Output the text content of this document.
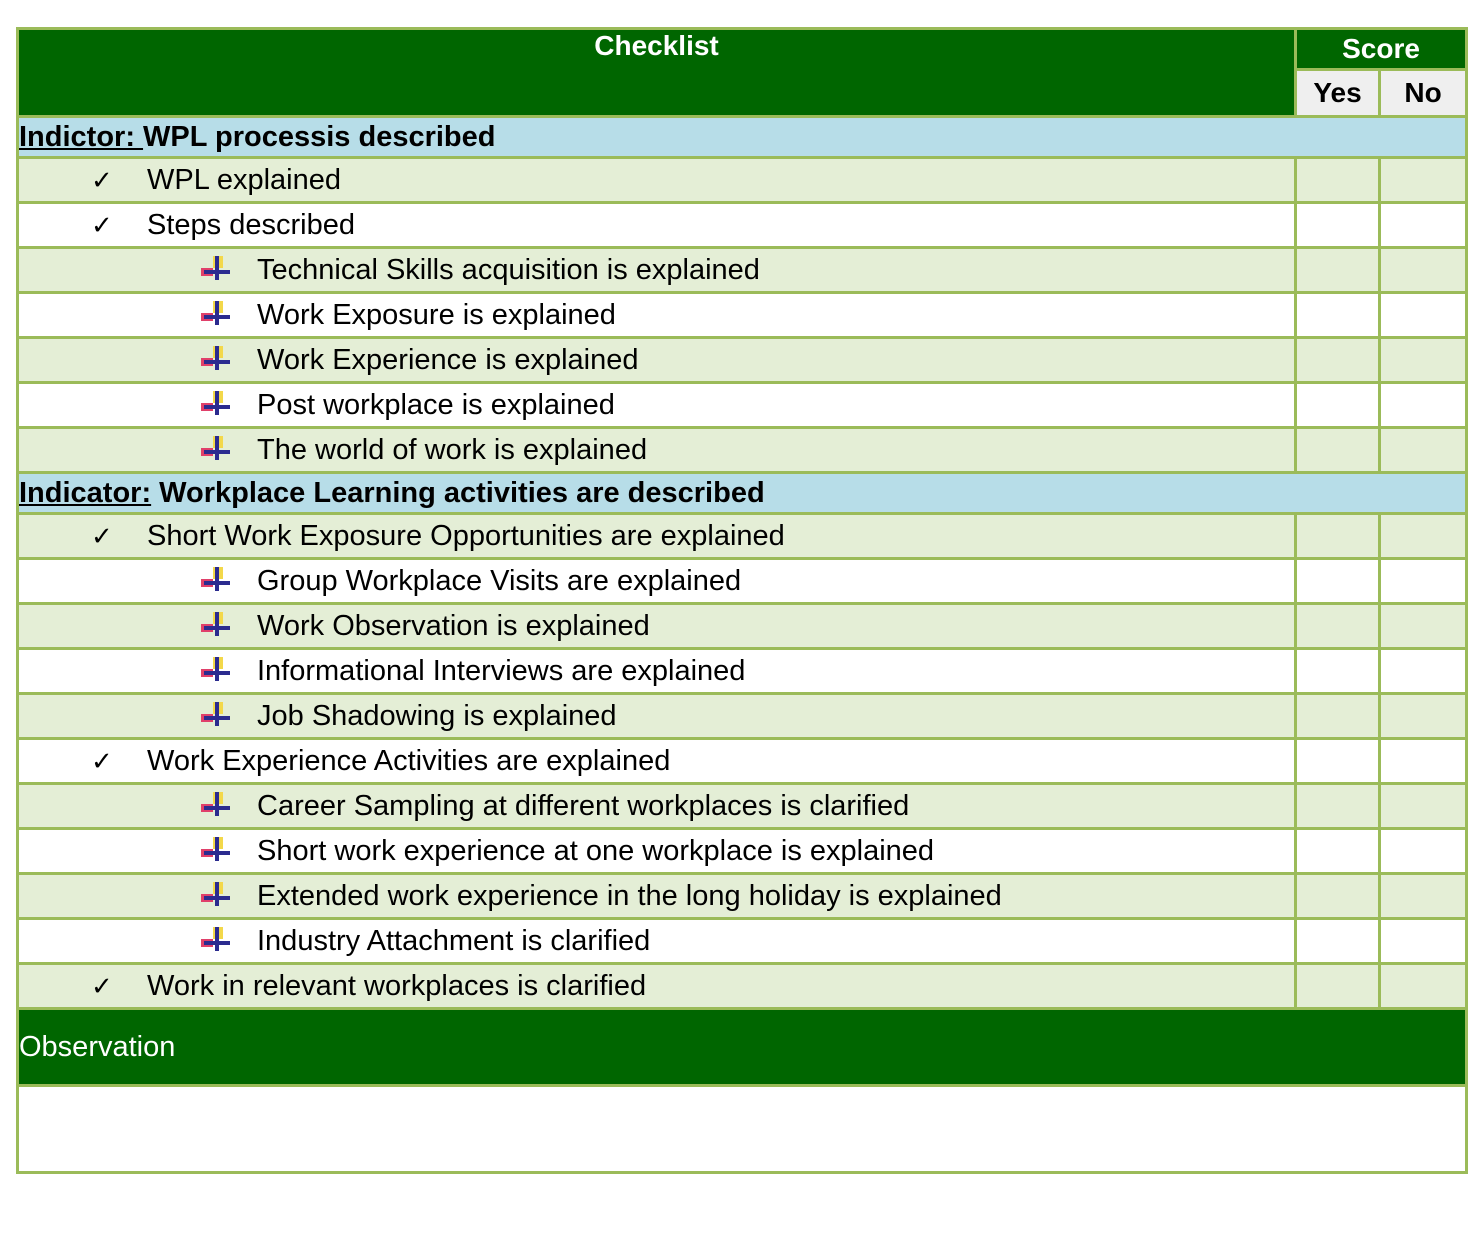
Checklist	Score	
	Yes	No
Indictor: WPL processis described		

✓ WPL explained		

✓ Steps described		

Technical Skills acquisition is explained		

Work Exposure is explained		

Work Experience is explained		

Post workplace is explained		

The world of work is explained		

Indicator: Workplace Learning activities are described		

✓ Short Work Exposure Opportunities are explained		

Group Workplace Visits are explained		

Work Observation is explained		

Informational Interviews are explained		

Job Shadowing is explained		

✓ Work Experience Activities are explained		

Career Sampling at different workplaces is clarified		

Short work experience at one workplace is explained		

Extended work experience in the long holiday is explained		

Industry Attachment is clarified		

✓ Work in relevant workplaces is clarified		

Observation		
